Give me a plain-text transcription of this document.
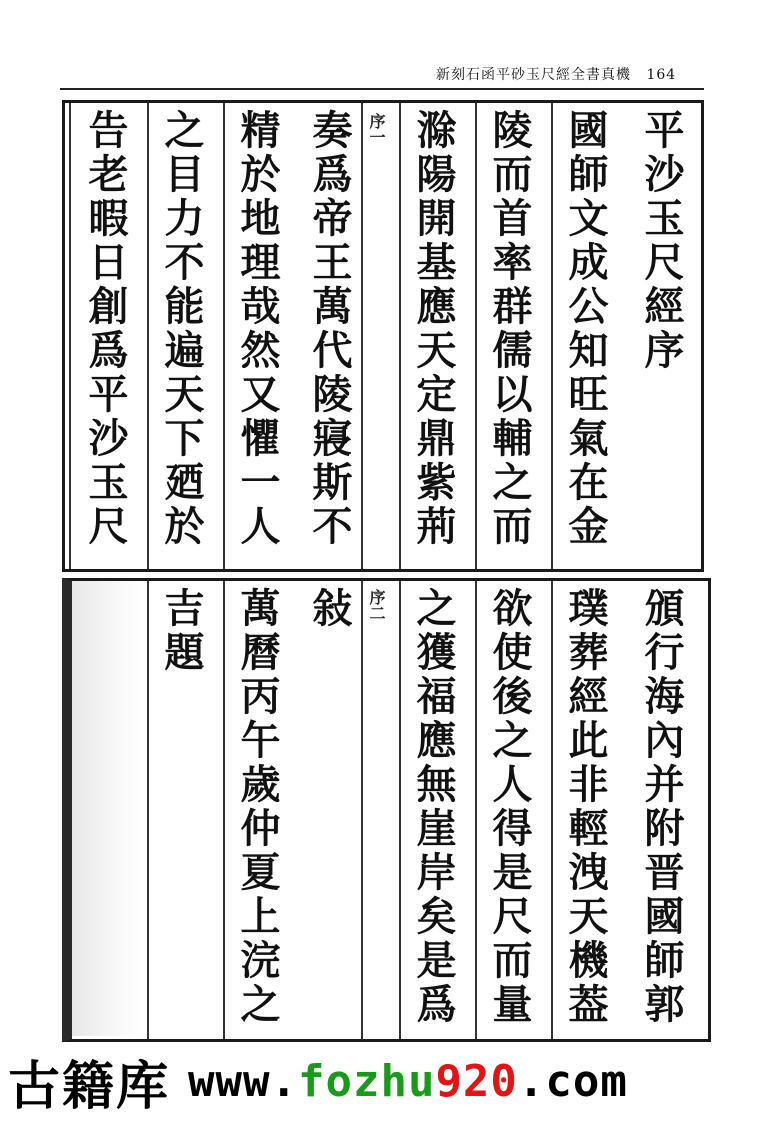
新刻石函平砂玉尺經全書真機 164
平沙玉尺經序
國師文成公知旺氣在金
陵而首率群儒以輔之而
滁陽開基應天定鼎紫荊
序一
奏爲帝王萬代陵寢斯不
精於地理哉然又懼一人
之目力不能遍天下廼於
告老暇日創爲平沙玉尺
頒行海內并附晋國師郭
璞葬經此非輕洩天機葢
欲使後之人得是尺而量
之獲福應無崖岸矣是爲
序二
敍
萬曆丙午歲仲夏上浣之
吉題
古籍库 www.fozhu920.com
